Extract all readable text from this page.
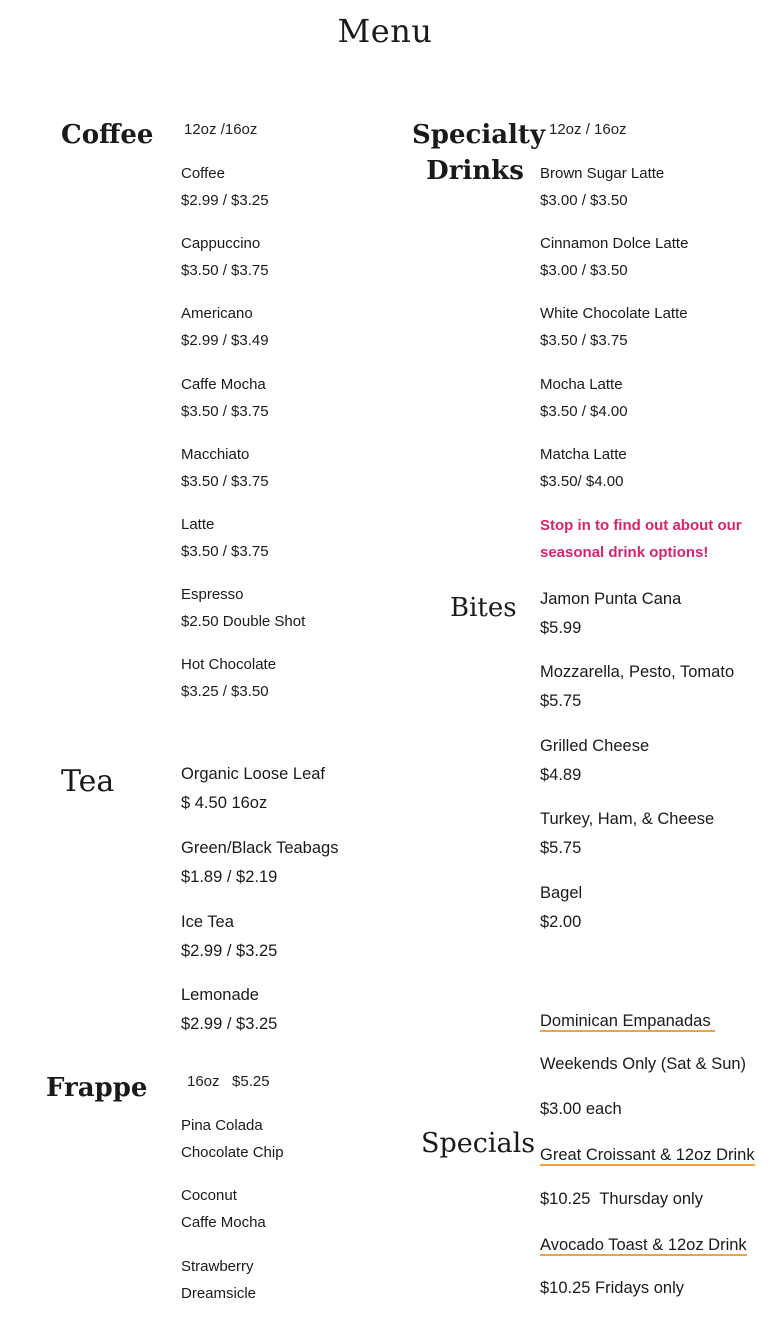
Menu
Coffee 12oz /16oz
Coffee
$2.99 / $3.25
Cappuccino
$3.50 / $3.75
Americano
$2.99 / $3.49
Caffe Mocha
$3.50 / $3.75
Macchiato
$3.50 / $3.75
Latte
$3.50 / $3.75
Espresso
$2.50 Double Shot
Hot Chocolate
$3.25 / $3.50
Specialty
Drinks
12oz / 16oz
Brown Sugar Latte
$3.00 / $3.50
Cinnamon Dolce Latte
$3.00 / $3.50
White Chocolate Latte
$3.50 / $3.75
Mocha Latte
$3.50 / $4.00
Matcha Latte
$3.50/ $4.00
Stop in to find out about our
seasonal drink options!
Bites Jamon Punta Cana
$5.99
Mozzarella, Pesto, Tomato
$5.75
Grilled Cheese
$4.89
Turkey, Ham, & Cheese
$5.75
Bagel
$2.00
Tea	Organic Loose Leaf
$ 4.50 16oz
Green/Black Teabags
$1.89 / $2.19
Ice Tea
$2.99 / $3.25
Lemonade
$2.99 / $3.25
Frappe	16oz   $5.25
Pina Colada
Chocolate Chip
Coconut
Caffe Mocha
Strawberry
Dreamsicle
Specials
Dominican Empanadas
Weekends Only (Sat & Sun)
$3.00 each
Great Croissant & 12oz Drink
$10.25  Thursday only
Avocado Toast & 12oz Drink
$10.25 Fridays only
